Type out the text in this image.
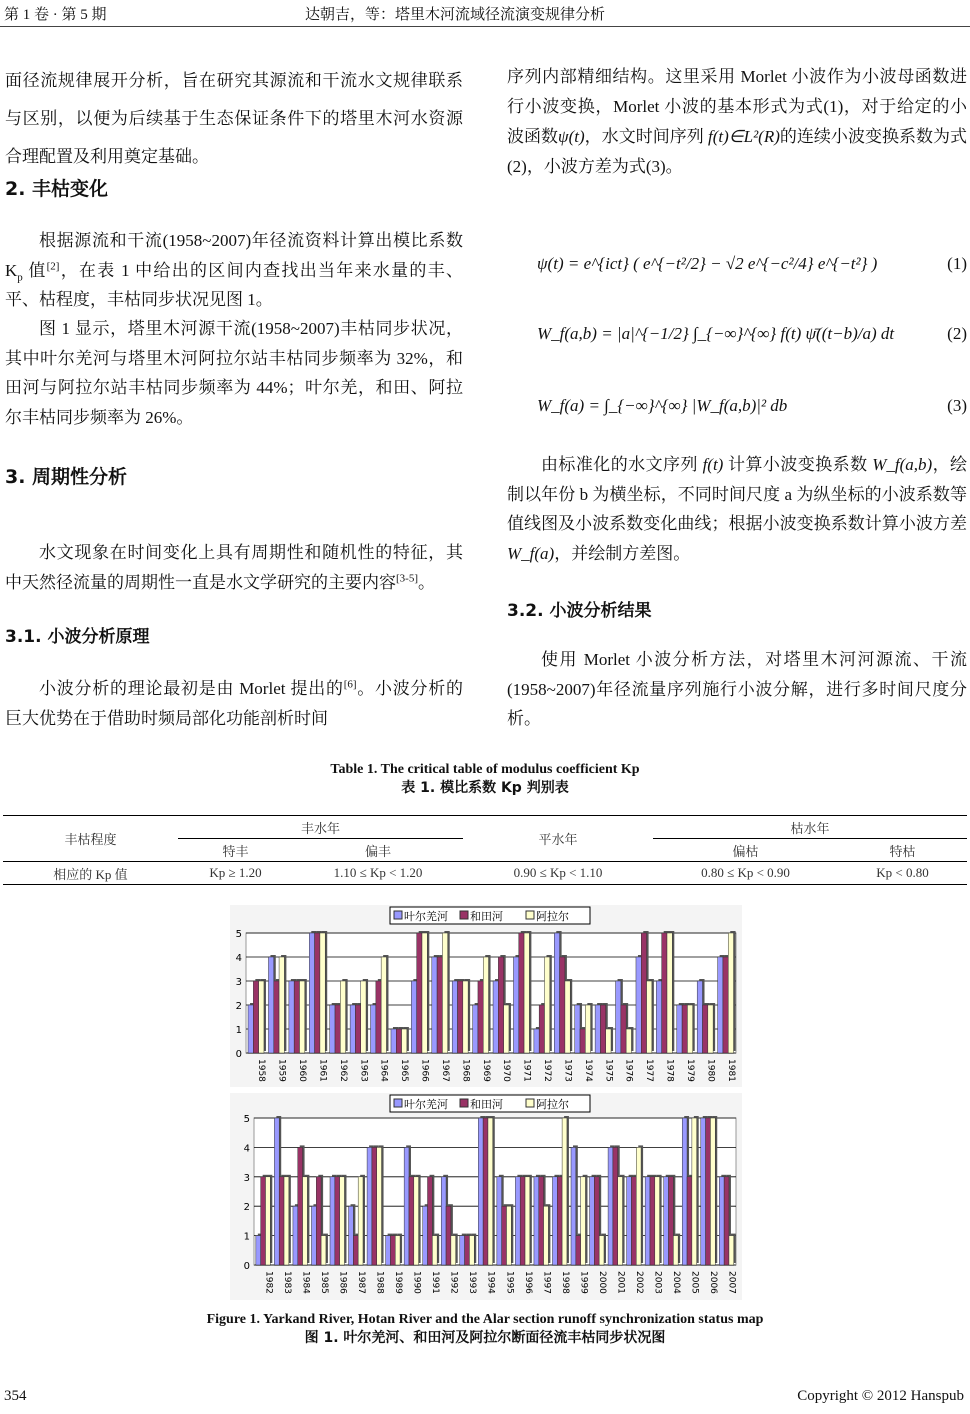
第 1 卷 · 第 5 期	达朝吉，等：塔里木河流域径流演变规律分析

面径流规律展开分析，旨在研究其源流和干流水文规律联系与区别，以便为后续基于生态保证条件下的塔里木河水资源合理配置及利用奠定基础。

2. 丰枯变化

根据源流和干流(1958~2007)年径流资料计算出模比系数 $K_p$ 值[2]，在表 1 中给出的区间内查找出当年来水量的丰、平、枯程度，丰枯同步状况见图 1。

图 1 显示，塔里木河源干流(1958~2007)丰枯同步状况，其中叶尔羌河与塔里木河阿拉尔站丰枯同步频率为 32%，和田河与阿拉尔站丰枯同步频率为 44%；叶尔羌，和田、阿拉尔丰枯同步频率为 26%。

3. 周期性分析

水文现象在时间变化上具有周期性和随机性的特征，其中天然径流量的周期性一直是水文学研究的主要内容[3-5]。

3.1. 小波分析原理

小波分析的理论最初是由 Morlet 提出的[6]。小波分析的巨大优势在于借助时频局部化功能剖析时间

序列内部精细结构。这里采用 Morlet 小波作为小波母函数进行小波变换，Morlet 小波的基本形式为式(1)，对于给定的小波函数ψ(t)，水文时间序列 f(t)∈L²(R)的连续小波变换系数为式(2)，小波方差为式(3)。

ψ(t) = e^{ict} ( e^{−t²/2} − √2 e^{−c²/4} e^{−t²} )	(1)
W_f(a,b) = |a|^{−1/2} ∫_{−∞}^{∞} f(t) ψ̄((t−b)/a) dt	(2)
W_f(a) = ∫_{−∞}^{∞} |W_f(a,b)|² db	(3)

由标准化的水文序列 f(t) 计算小波变换系数 W_f(a,b)，绘制以年份 b 为横坐标，不同时间尺度 a 为纵坐标的小波系数等值线图及小波系数变化曲线；根据小波变换系数计算小波方差W_f(a)，并绘制方差图。

3.2. 小波分析结果

使用 Morlet 小波分析方法，对塔里木河河源流、干流(1958~2007)年径流量序列施行小波分解，进行多时间尺度分析。

Table 1. The critical table of modulus coefficient Kp
表 1. 模比系数 Kp 判别表
丰枯程度	丰水年		平水年	枯水年	
	特丰	偏丰		偏枯	特枯
相应的 Kp 值	Kp ≥ 1.20	1.10 ≤ Kp < 1.20	0.90 ≤ Kp < 1.10	0.80 ≤ Kp < 0.90	Kp < 0.80
0
1
2
3
4
5
1958 1959 1960 1961 1962 1963 1964 1965 1966 1967 1968 1969 1970 1971 1972 1973 1974 1975 1976 1977 1978 1979 1980 1981
叶尔羌河 和田河	阿拉尔
0
1
2
3
4
5
1982 1983 1984 1985 1986 1987 1988 1989 1990 1991 1992 1993 1994 1995 1996 1997 1998 1999 2000 2001 2002 2003 2004 2005 2006 2007
叶尔羌河 和田河	阿拉尔
Figure 1. Yarkand River, Hotan River and the Alar section runoff synchronization status map
图 1. 叶尔羌河、和田河及阿拉尔断面径流丰枯同步状况图
354	Copyright © 2012 Hanspub
